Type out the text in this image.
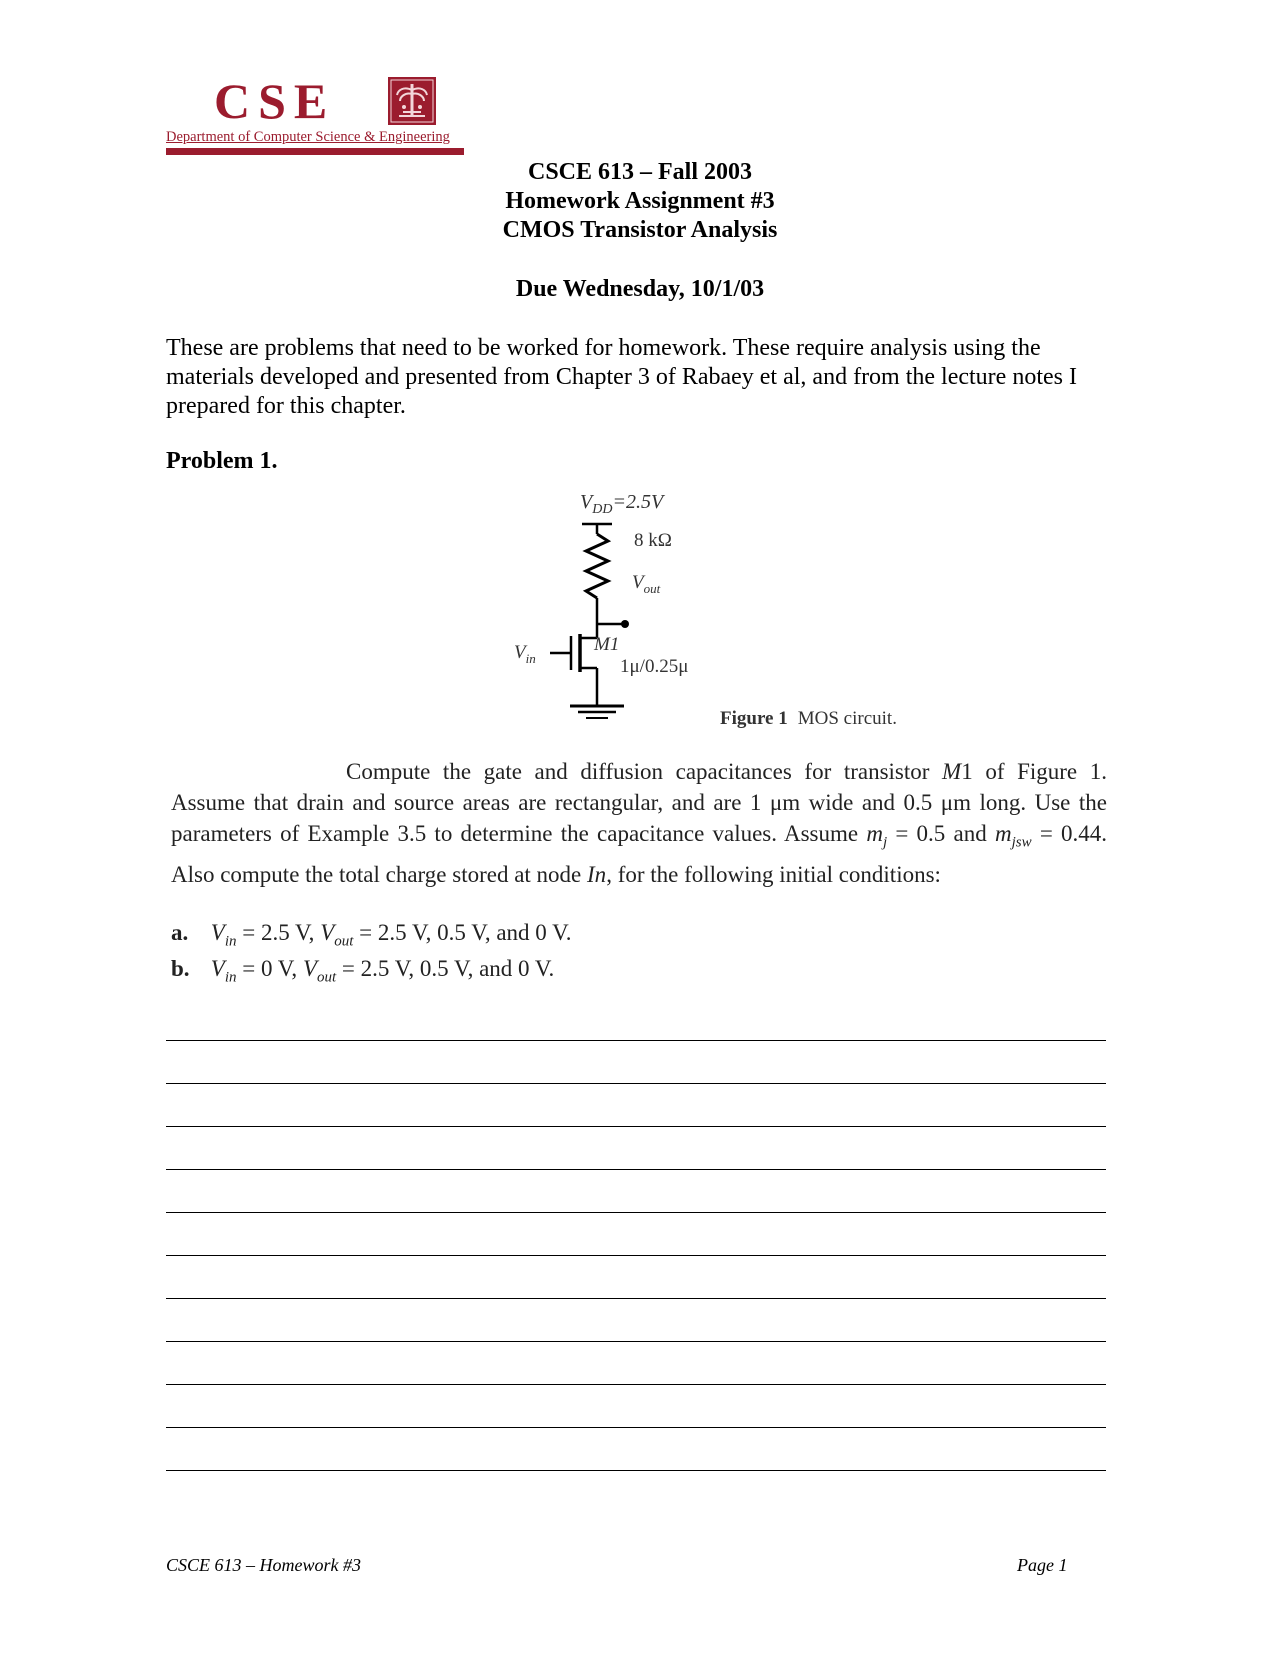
CSE
Department of Computer Science & Engineering
CSCE 613 – Fall 2003
Homework Assignment #3
CMOS Transistor Analysis
Due Wednesday, 10/1/03
These are problems that need to be worked for homework. These require analysis using the materials developed and presented from Chapter 3 of Rabaey et al, and from the lecture notes I prepared for this chapter.
Problem 1.
$V_{DD}=2.5V$
8 kΩ
$V_{out}$
$V_{in}$
M1
1μ/0.25μ
Figure 1 MOS circuit.
Compute the gate and diffusion capacitances for transistor M1 of Figure 1. Assume that drain and source areas are rectangular, and are 1 μm wide and 0.5 μm long. Use the parameters of Example 3.5 to determine the capacitance values. Assume $m_j = 0.5$ and $m_{jsw} = 0.44$. Also compute the total charge stored at node In, for the following initial conditions:
a. $V_{in} = 2.5$ V, $V_{out} = 2.5$ V, 0.5 V, and 0 V.
b. $V_{in} = 0$ V, $V_{out} = 2.5$ V, 0.5 V, and 0 V.
CSCE 613 – Homework #3	Page 1
